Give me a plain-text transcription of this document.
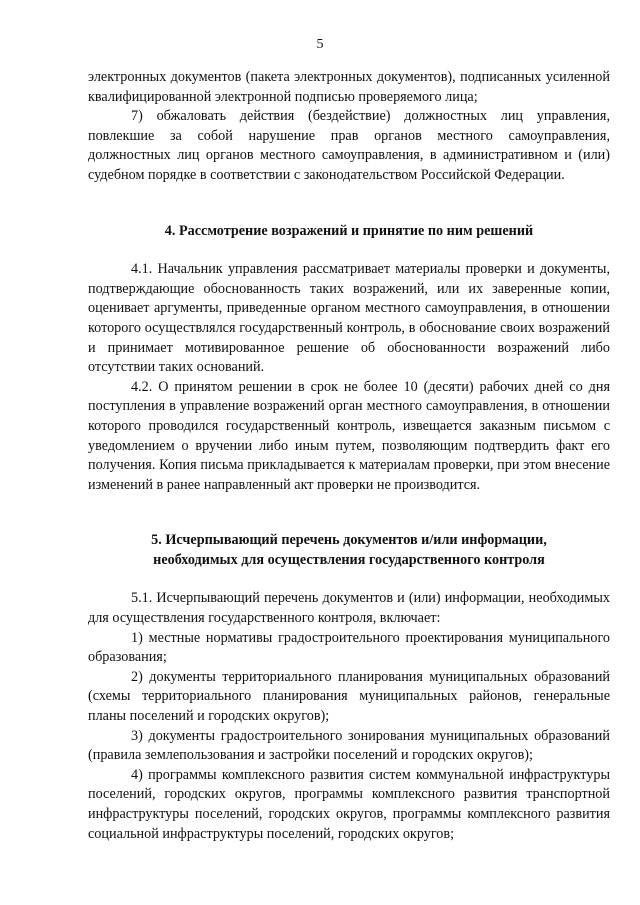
5

электронных документов (пакета электронных документов), подписанных усиленной квалифицированной электронной подписью проверяемого лица;

7) обжаловать действия (бездействие) должностных лиц управления, повлекшие за собой нарушение прав органов местного самоуправления, должностных лиц органов местного самоуправления, в административном и (или) судебном порядке в соответствии с законодательством Российской Федерации.

4. Рассмотрение возражений и принятие по ним решений

4.1. Начальник управления рассматривает материалы проверки и документы, подтверждающие обоснованность таких возражений, или их заверенные копии, оценивает аргументы, приведенные органом местного самоуправления, в отношении которого осуществлялся государственный контроль, в обоснование своих возражений и принимает мотивированное решение об обоснованности возражений либо отсутствии таких оснований.

4.2. О принятом решении в срок не более 10 (десяти) рабочих дней со дня поступления в управление возражений орган местного самоуправления, в отношении которого проводился государственный контроль, извещается заказным письмом с уведомлением о вручении либо иным путем, позволяющим подтвердить факт его получения. Копия письма прикладывается к материалам проверки, при этом внесение изменений в ранее направленный акт проверки не производится.

5. Исчерпывающий перечень документов и/или информации,
необходимых для осуществления государственного контроля

5.1. Исчерпывающий перечень документов и (или) информации, необходимых для осуществления государственного контроля, включает:

1) местные нормативы градостроительного проектирования муниципального образования;

2) документы территориального планирования муниципальных образований (схемы территориального планирования муниципальных районов, генеральные планы поселений и городских округов);

3) документы градостроительного зонирования муниципальных образований (правила землепользования и застройки поселений и городских округов);

4) программы комплексного развития систем коммунальной инфраструктуры поселений, городских округов, программы комплексного развития транспортной инфраструктуры поселений, городских округов, программы комплексного развития социальной инфраструктуры поселений, городских округов;
